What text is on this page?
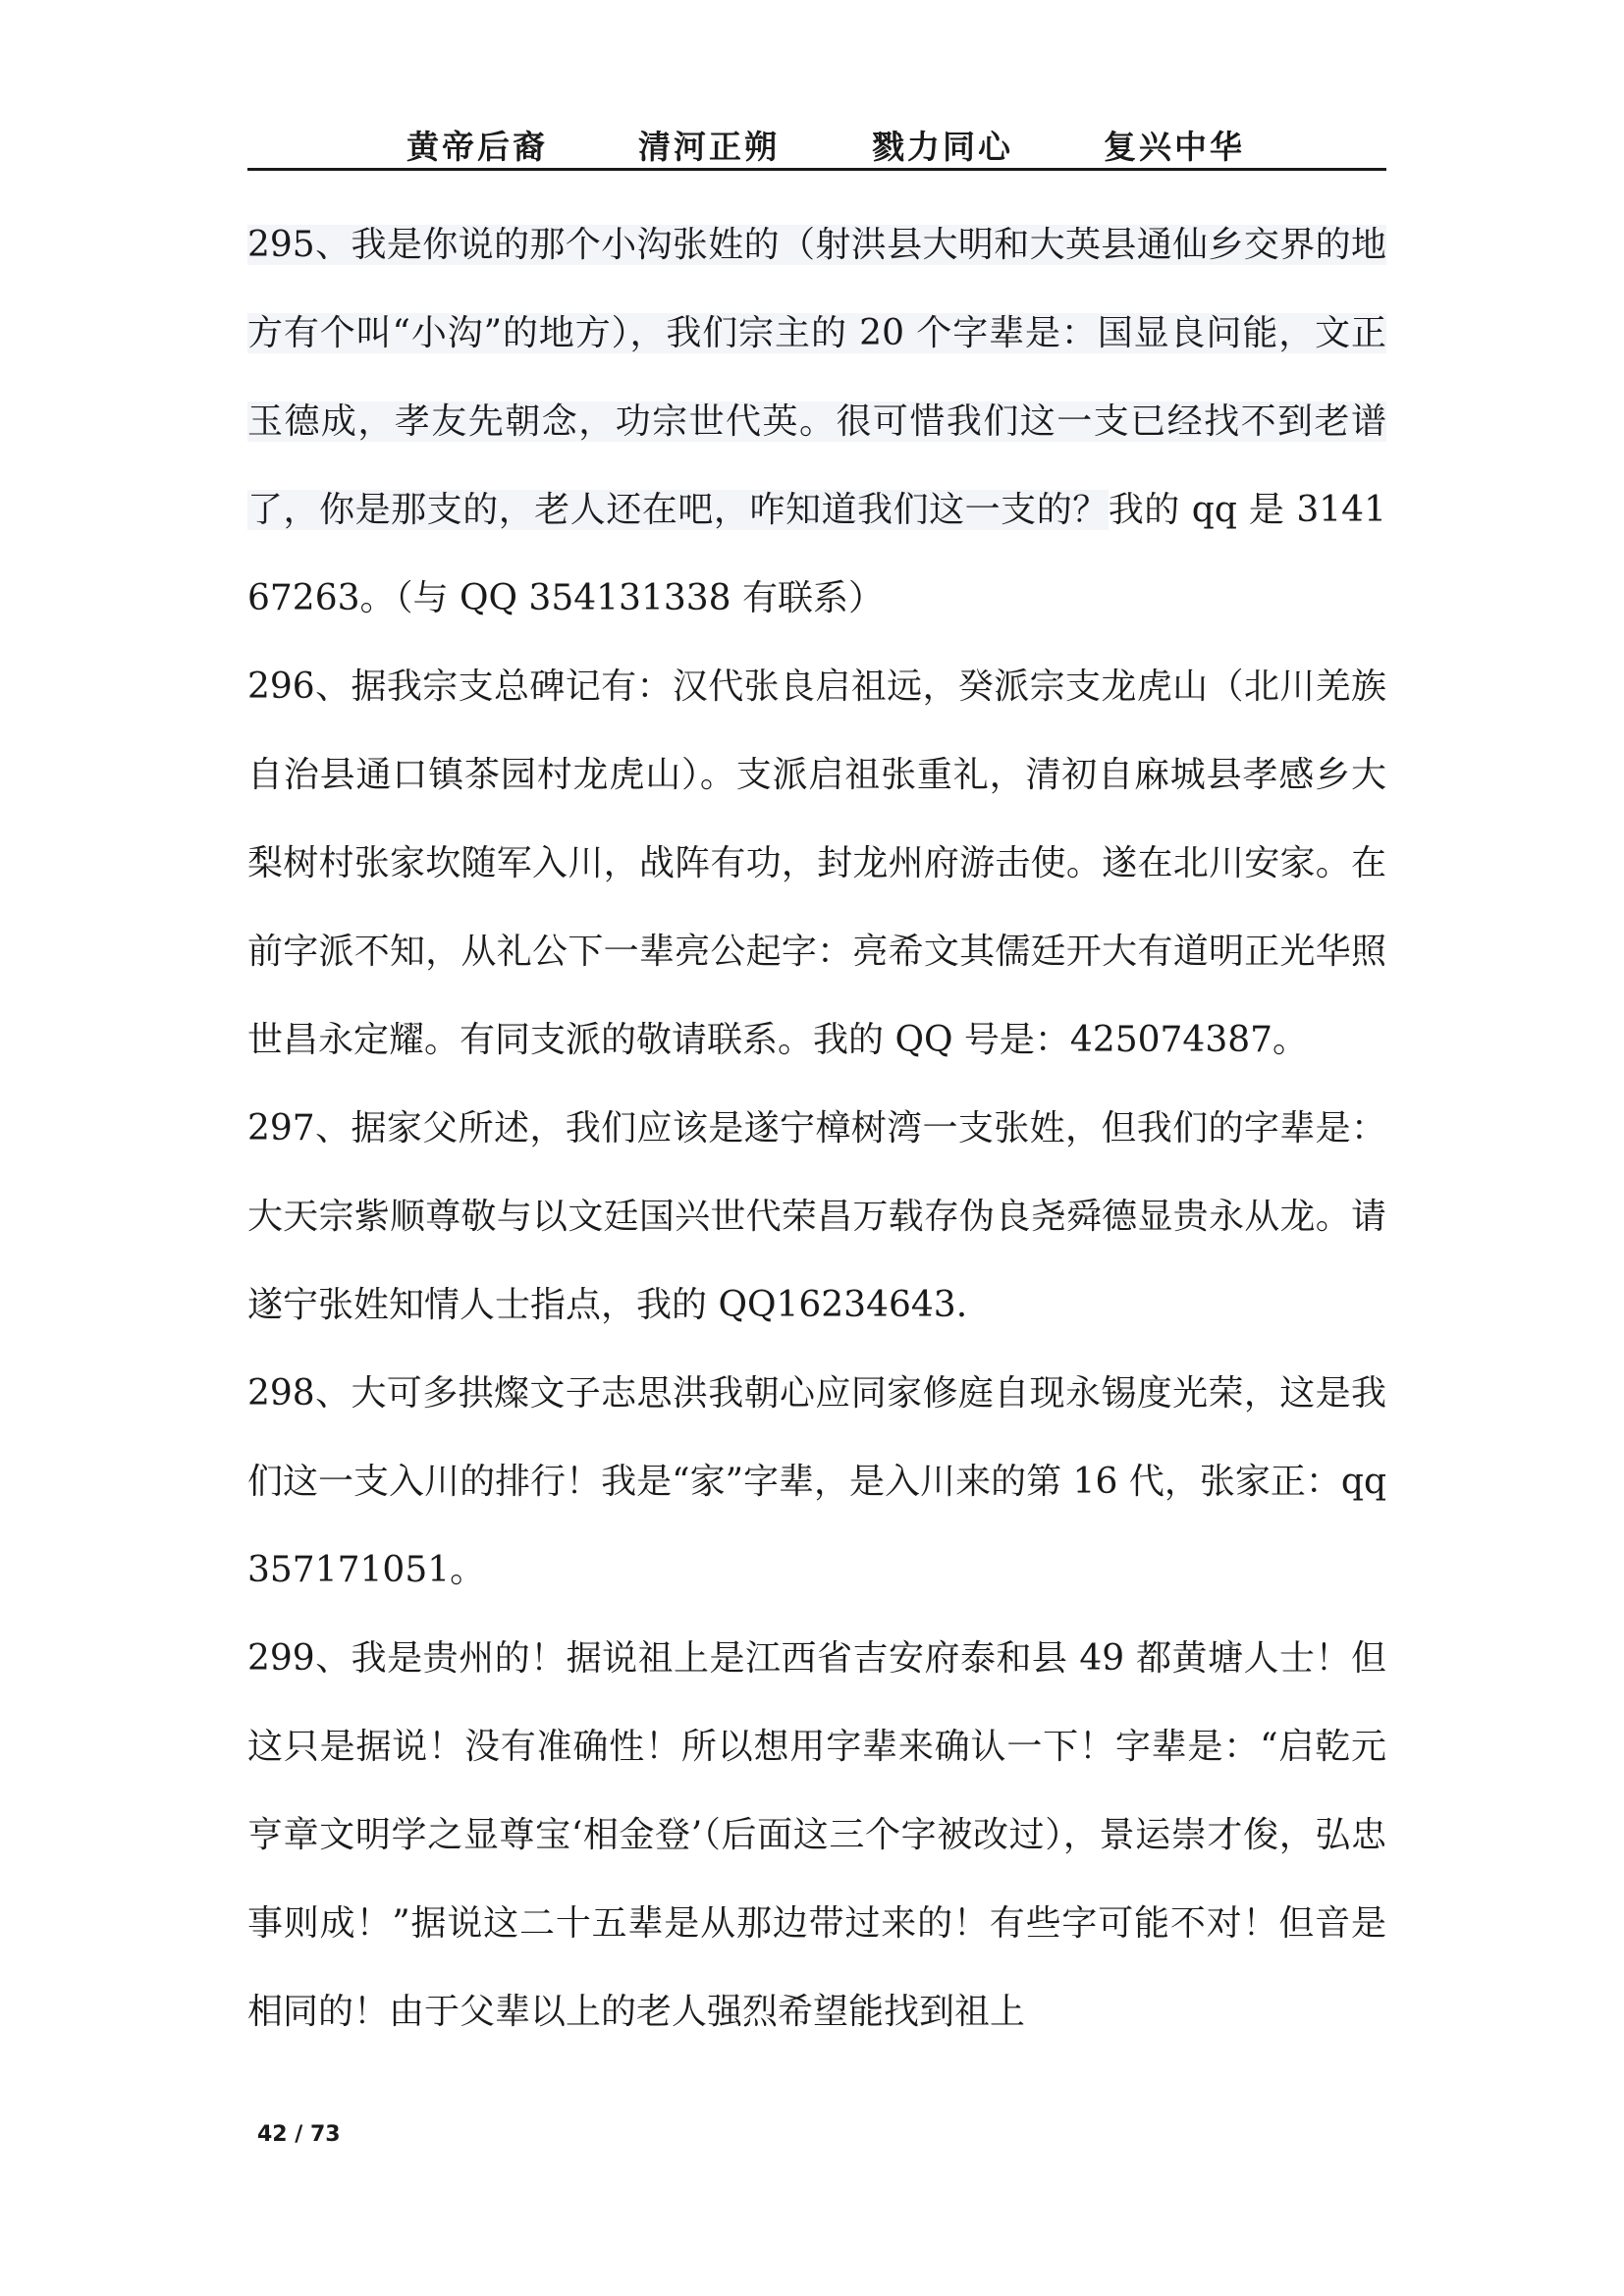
黄帝后裔	清河正朔	戮力同心	复兴中华

295、我是你说的那个小沟张姓的（射洪县大明和大英县通仙乡交界的地方有个叫“小沟”的地方），我们宗主的 20 个字辈是：国显良问能，文正玉德成，孝友先朝念，功宗世代英。很可惜我们这一支已经找不到老谱了，你是那支的，老人还在吧，咋知道我们这一支的？我的 qq 是 314167263。（与 QQ 354131338 有联系）

296、据我宗支总碑记有：汉代张良启祖远，癸派宗支龙虎山（北川羌族自治县通口镇茶园村龙虎山）。支派启祖张重礼，清初自麻城县孝感乡大梨树村张家坎随军入川，战阵有功，封龙州府游击使。遂在北川安家。在前字派不知，从礼公下一辈亮公起字：亮希文其儒廷开大有道明正光华照世昌永定耀。有同支派的敬请联系。我的 QQ 号是：425074387。

297、据家父所述，我们应该是遂宁樟树湾一支张姓，但我们的字辈是：大天宗紫顺尊敬与以文廷国兴世代荣昌万载存伪良尧舜德显贵永从龙。请遂宁张姓知情人士指点，我的 QQ16234643.

298、大可多拱燦文子志思洪我朝心应同家修庭自现永锡度光荣，这是我们这一支入川的排行！我是“家”字辈，是入川来的第 16 代，张家正：qq357171051。

299、我是贵州的！据说祖上是江西省吉安府泰和县 49 都黄塘人士！但这只是据说！没有准确性！所以想用字辈来确认一下！字辈是：“启乾元亨章文明学之显尊宝‘相金登’（后面这三个字被改过），景运崇才俊，弘忠事则成！”据说这二十五辈是从那边带过来的！有些字可能不对！但音是相同的！由于父辈以上的老人强烈希望能找到祖上

42 / 73
